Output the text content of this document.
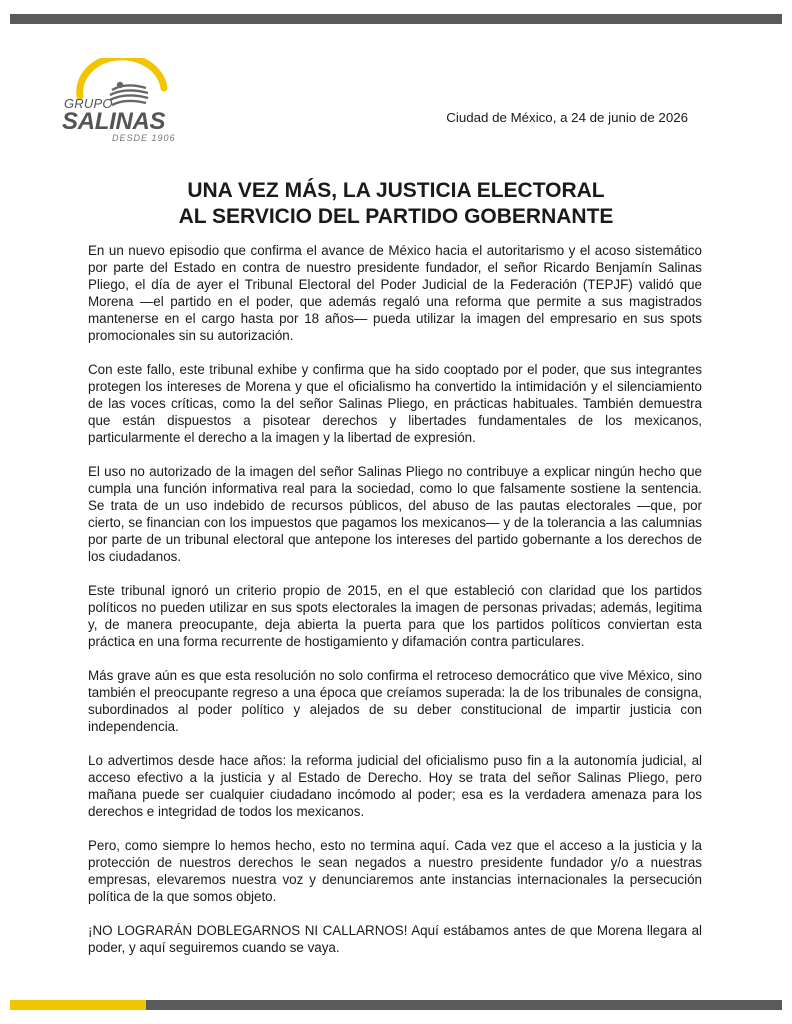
GRUPO
SALINAS
DESDE 1906
Ciudad de México, a 24 de junio de 2026
UNA VEZ MÁS, LA JUSTICIA ELECTORAL
AL SERVICIO DEL PARTIDO GOBERNANTE

En un nuevo episodio que confirma el avance de México hacia el autoritarismo y el acoso sistemático por parte del Estado en contra de nuestro presidente fundador, el señor Ricardo Benjamín Salinas Pliego, el día de ayer el Tribunal Electoral del Poder Judicial de la Federación (TEPJF) validó que Morena —el partido en el poder, que además regaló una reforma que permite a sus magistrados mantenerse en el cargo hasta por 18 años— pueda utilizar la imagen del empresario en sus spots promocionales sin su autorización.

Con este fallo, este tribunal exhibe y confirma que ha sido cooptado por el poder, que sus integrantes protegen los intereses de Morena y que el oficialismo ha convertido la intimidación y el silenciamiento de las voces críticas, como la del señor Salinas Pliego, en prácticas habituales. También demuestra que están dispuestos a pisotear derechos y libertades fundamentales de los mexicanos, particularmente el derecho a la imagen y la libertad de expresión.

El uso no autorizado de la imagen del señor Salinas Pliego no contribuye a explicar ningún hecho que cumpla una función informativa real para la sociedad, como lo que falsamente sostiene la sentencia. Se trata de un uso indebido de recursos públicos, del abuso de las pautas electorales —que, por cierto, se financian con los impuestos que pagamos los mexicanos— y de la tolerancia a las calumnias por parte de un tribunal electoral que antepone los intereses del partido gobernante a los derechos de los ciudadanos.

Este tribunal ignoró un criterio propio de 2015, en el que estableció con claridad que los partidos políticos no pueden utilizar en sus spots electorales la imagen de personas privadas; además, legitima y, de manera preocupante, deja abierta la puerta para que los partidos políticos conviertan esta práctica en una forma recurrente de hostigamiento y difamación contra particulares.

Más grave aún es que esta resolución no solo confirma el retroceso democrático que vive México, sino también el preocupante regreso a una época que creíamos superada: la de los tribunales de consigna, subordinados al poder político y alejados de su deber constitucional de impartir justicia con independencia.

Lo advertimos desde hace años: la reforma judicial del oficialismo puso fin a la autonomía judicial, al acceso efectivo a la justicia y al Estado de Derecho. Hoy se trata del señor Salinas Pliego, pero mañana puede ser cualquier ciudadano incómodo al poder; esa es la verdadera amenaza para los derechos e integridad de todos los mexicanos.

Pero, como siempre lo hemos hecho, esto no termina aquí. Cada vez que el acceso a la justicia y la protección de nuestros derechos le sean negados a nuestro presidente fundador y/o a nuestras empresas, elevaremos nuestra voz y denunciaremos ante instancias internacionales la persecución política de la que somos objeto.

¡NO LOGRARÁN DOBLEGARNOS NI CALLARNOS! Aquí estábamos antes de que Morena llegara al poder, y aquí seguiremos cuando se vaya.
